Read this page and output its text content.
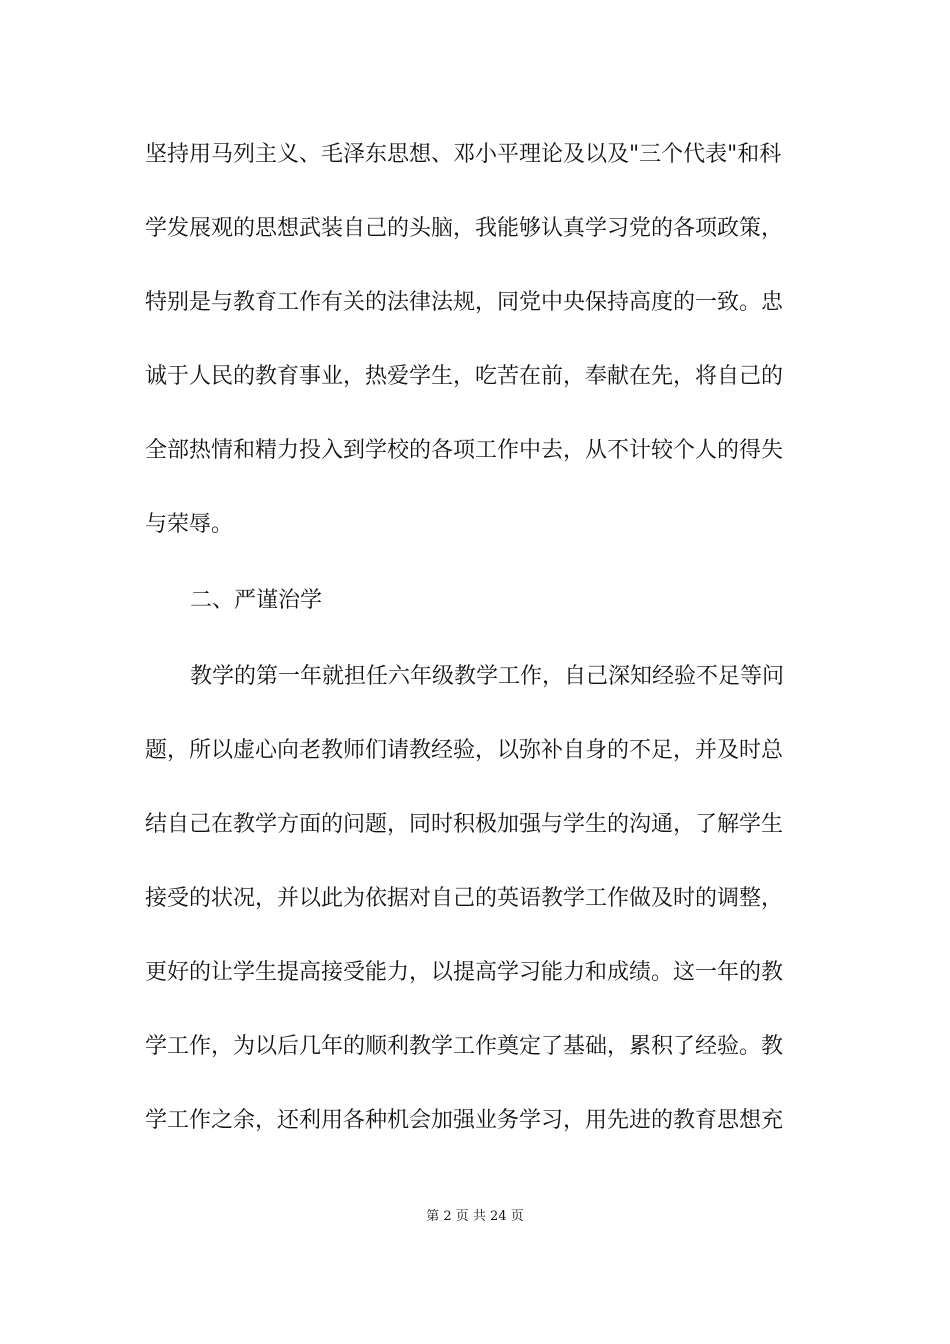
坚持用马列主义、毛泽东思想、邓小平理论及以及"三个代表"和科
学发展观的思想武装自己的头脑，我能够认真学习党的各项政策，
特别是与教育工作有关的法律法规，同党中央保持高度的一致。忠
诚于人民的教育事业，热爱学生，吃苦在前，奉献在先，将自己的
全部热情和精力投入到学校的各项工作中去，从不计较个人的得失
与荣辱。
二、严谨治学
教学的第一年就担任六年级教学工作，自己深知经验不足等问
题，所以虚心向老教师们请教经验，以弥补自身的不足，并及时总
结自己在教学方面的问题，同时积极加强与学生的沟通，了解学生
接受的状况，并以此为依据对自己的英语教学工作做及时的调整，
更好的让学生提高接受能力，以提高学习能力和成绩。这一年的教
学工作，为以后几年的顺利教学工作奠定了基础，累积了经验。教
学工作之余，还利用各种机会加强业务学习，用先进的教育思想充
第 2 页 共 24 页
